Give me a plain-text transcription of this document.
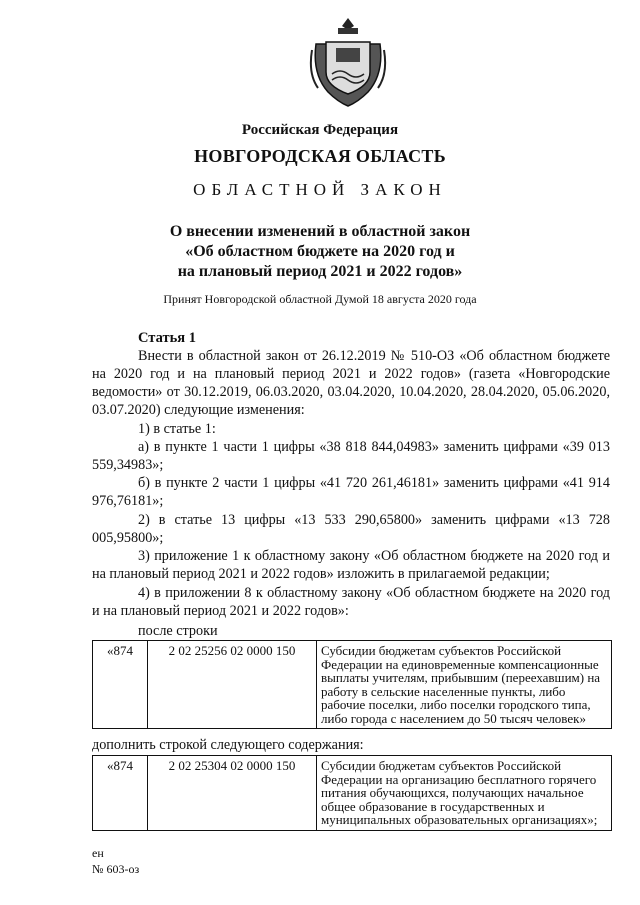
Российская Федерация
НОВГОРОДСКАЯ ОБЛАСТЬ
ОБЛАСТНОЙ ЗАКОН
О внесении изменений в областной закон
«Об областном бюджете на 2020 год и
на плановый период 2021 и 2022 годов»
Принят Новгородской областной Думой 18 августа 2020 года
Статья 1
Внести в областной закон от 26.12.2019 № 510-ОЗ «Об областном бюджете на 2020 год и на плановый период 2021 и 2022 годов» (газета «Новгородские ведомости» от 30.12.2019, 06.03.2020, 03.04.2020, 10.04.2020, 28.04.2020, 05.06.2020, 03.07.2020) следующие изменения:
1) в статье 1:
а) в пункте 1 части 1 цифры «38 818 844,04983» заменить цифрами «39 013 559,34983»;
б) в пункте 2 части 1 цифры «41 720 261,46181» заменить цифрами «41 914 976,76181»;
2) в статье 13 цифры «13 533 290,65800» заменить цифрами «13 728 005,95800»;
3) приложение 1 к областному закону «Об областном бюджете на 2020 год и на плановый период 2021 и 2022 годов» изложить в прилагаемой редакции;
4) в приложении 8 к областному закону «Об областном бюджете на 2020 год и на плановый период 2021 и 2022 годов»:
после строки
«874	2 02 25256 02 0000 150	Субсидии бюджетам субъектов Российской Федерации на единовременные компенсационные выплаты учителям, прибывшим (переехавшим) на работу в сельские населенные пункты, либо рабочие поселки, либо поселки городского типа, либо города с населением до 50 тысяч человек»
дополнить строкой следующего содержания:
«874	2 02 25304 02 0000 150	Субсидии бюджетам субъектов Российской Федерации на организацию бесплатного горячего питания обучающихся, получающих начальное общее образование в государственных и муниципальных образовательных организациях»;
ен
№ 603-оз
